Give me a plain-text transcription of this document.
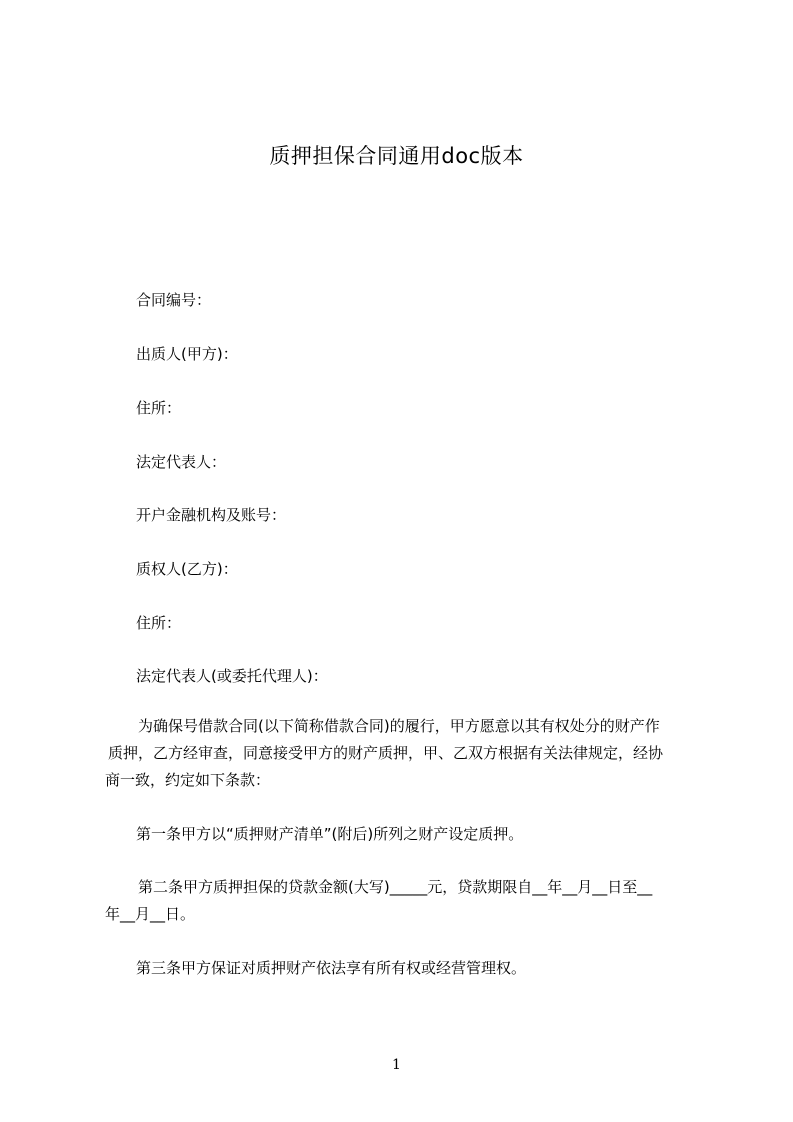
质押担保合同通用doc版本
合同编号：
出质人(甲方)：
住所：
法定代表人：
开户金融机构及账号：
质权人(乙方)：
住所：
法定代表人(或委托代理人)：
为确保号借款合同(以下简称借款合同)的履行，甲方愿意以其有权处分的财产作
质押，乙方经审查，同意接受甲方的财产质押，甲、乙双方根据有关法律规定，经协
商一致，约定如下条款：
第一条甲方以“质押财产清单”(附后)所列之财产设定质押。
第二条甲方质押担保的贷款金额(大写)_____元，贷款期限自__年__月__日至__
年__月__日。
第三条甲方保证对质押财产依法享有所有权或经营管理权。
1
